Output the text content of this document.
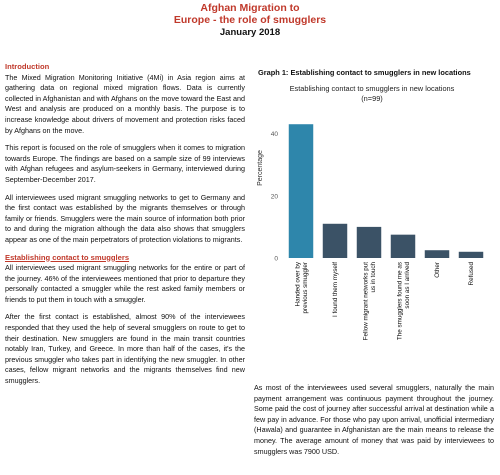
Afghan Migration to
Europe - the role of smugglers
January 2018
Introduction

The Mixed Migration Monitoring Initiative (4Mi) in Asia region aims at gathering data on regional mixed migration flows. Data is currently collected in Afghanistan and with Afghans on the move toward the East and West and analysis are produced on a monthly basis. The purpose is to increase knowledge about drivers of movement and protection risks faced by Afghans on the move.

This report is focused on the role of smugglers when it comes to migration towards Europe. The findings are based on a sample size of 99 interviews with Afghan refugees and asylum-seekers in Germany, interviewed during September-December 2017.

All interviewees used migrant smuggling networks to get to Germany and the first contact was established by the migrants themselves or through family or friends. Smugglers were the main source of information both prior to and during the migration although the data also shows that smugglers appear as one of the main perpetrators of protection violations to migrants.

Establishing contact to smugglers

All interviewees used migrant smuggling networks for the entire or part of the journey. 46% of the interviewees mentioned that prior to departure they personally contacted a smuggler while the rest asked family members or friends to put them in touch with a smuggler.

After the first contact is established, almost 90% of the interviewees responded that they used the help of several smugglers on route to get to their destination. New smugglers are found in the main transit countries notably Iran, Turkey, and Greece. In more than half of the cases, it's the previous smuggler who takes part in identifying the new smuggler. In other cases, fellow migrant networks and the migrants themselves find new smugglers.

Graph 1: Establishing contact to smugglers in new locations
Establishing contact to smugglers in new locations
(n=99)
Percentage
0
20
40
Handed over byprevious smuggler	I found them myself	Fellow migrant networks putus in touch	The smugglers found me assoon as I arrived	Other	Refused
As most of the interviewees used several smugglers, naturally the main payment arrangement was continuous payment throughout the journey. Some paid the cost of journey after successful arrival at destination while a few pay in advance. For those who pay upon arrival, unofficial intermediary (Hawala) and guarantee in Afghanistan are the main means to release the money. The average amount of money that was paid by interviewees to smugglers was 7900 USD.
